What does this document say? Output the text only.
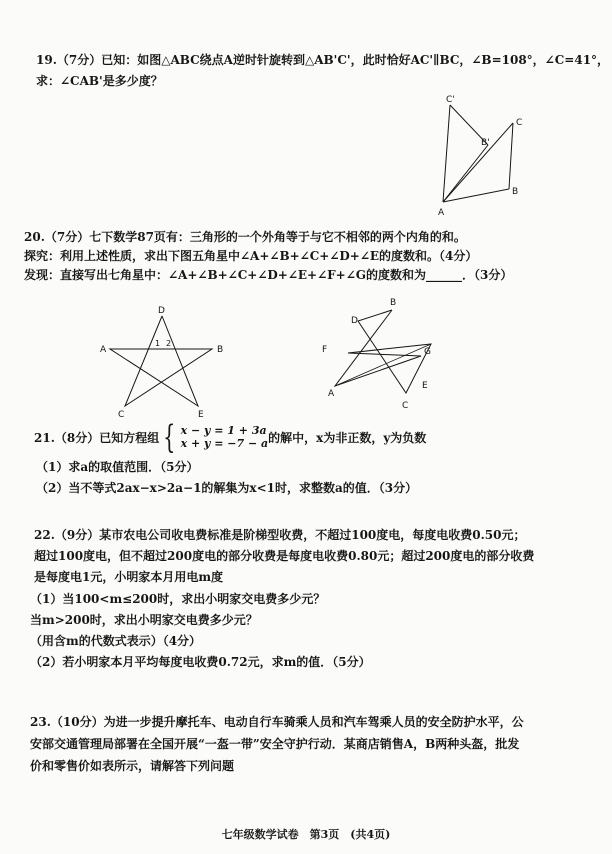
19.（7分）已知：如图△ABC绕点A逆时针旋转到△AB'C'，此时恰好AC'∥BC，∠B=108°，∠C=41°，
求：∠CAB'是多少度？
C'
C
B'
B
A
20.（7分）七下数学87页有：三角形的一个外角等于与它不相邻的两个内角的和。
探究：利用上述性质，求出下图五角星中∠A+∠B+∠C+∠D+∠E的度数和。（4分）
发现：直接写出七角星中：∠A+∠B+∠C+∠D+∠E+∠F+∠G的度数和为______．（3分）
D
A	B
C	E
1 2
B
D
F	G
E
A
C
21.（8分）已知方程组 { x − y = 1 + 3a
x + y = −7 − a 的解中，x为非正数，y为负数
（1）求a的取值范围．（5分）
（2）当不等式2ax−x>2a−1的解集为x<1时，求整数a的值．（3分）
22.（9分）某市农电公司收电费标准是阶梯型收费，不超过100度电，每度电收费0.50元；
超过100度电，但不超过200度电的部分收费是每度电收费0.80元；超过200度电的部分收费
是每度电1元，小明家本月用电m度
（1）当100<m≤200时，求出小明家交电费多少元？
当m>200时，求出小明家交电费多少元？
（用含m的代数式表示）（4分）
（2）若小明家本月平均每度电收费0.72元，求m的值．（5分）
23.（10分）为进一步提升摩托车、电动自行车骑乘人员和汽车驾乘人员的安全防护水平，公
安部交通管理局部署在全国开展“一盔一带”安全守护行动．某商店销售A，B两种头盔，批发
价和零售价如表所示，请解答下列问题
七年级数学试卷　第3页　(共4页)
